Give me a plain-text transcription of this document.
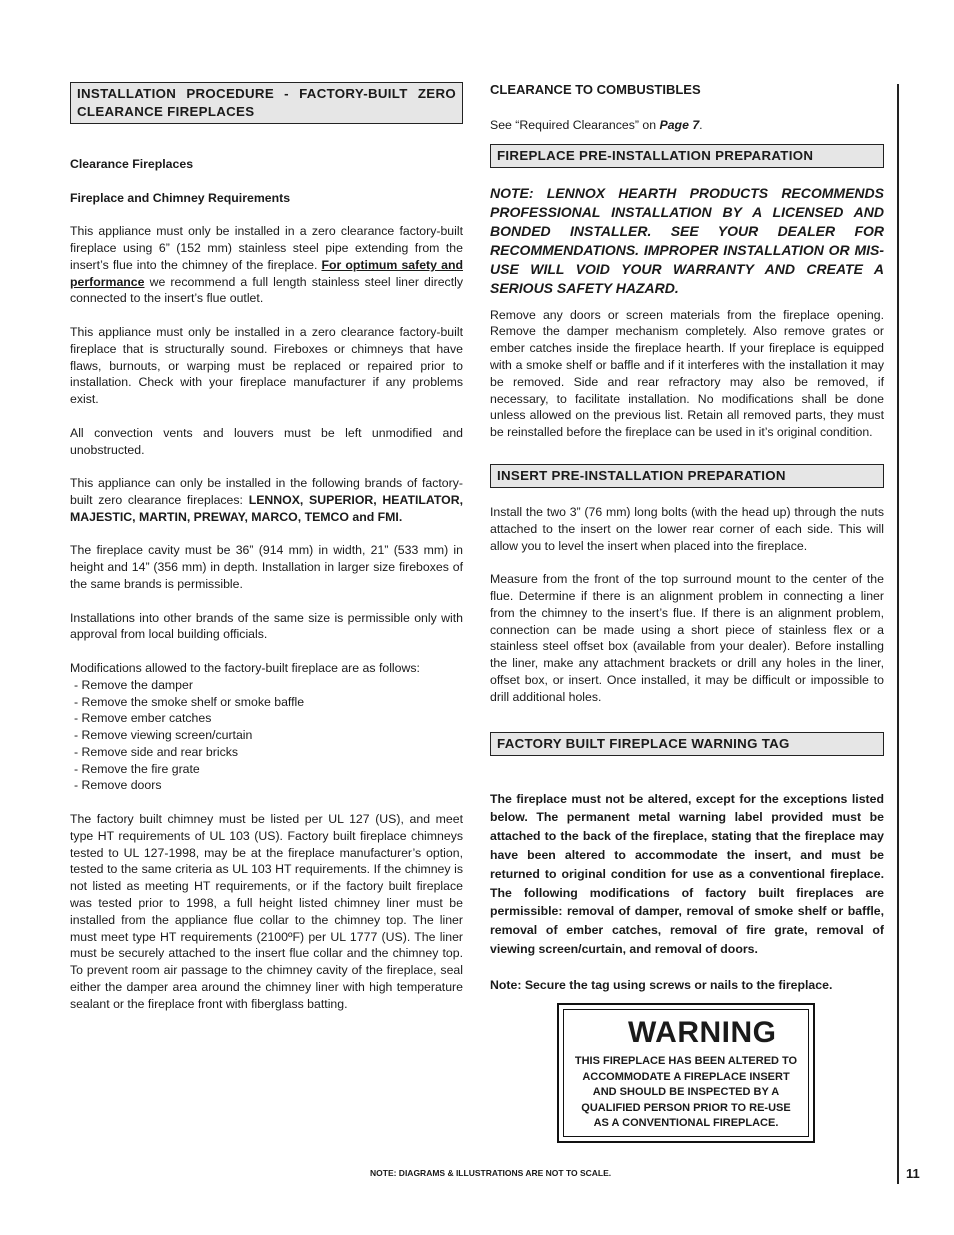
INSTALLATION PROCEDURE - FACTORY-BUILT ZERO CLEARANCE FIREPLACES
Clearance Fireplaces
Fireplace and Chimney Requirements

This appliance must only be installed in a zero clearance factory-built fireplace using 6” (152 mm) stainless steel pipe extending from the insert’s flue into the chimney of the fireplace. For optimum safety and performance we recommend a full length stainless steel liner directly connected to the insert’s flue outlet.

This appliance must only be installed in a zero clearance factory-built fireplace that is structurally sound. Fireboxes or chimneys that have flaws, burnouts, or warping must be replaced or repaired prior to installation. Check with your fireplace manufacturer if any problems exist.

All convection vents and louvers must be left unmodified and unobstructed.

This appliance can only be installed in the following brands of factory-built zero clearance fireplaces: LENNOX, SUPERIOR, HEATILATOR, MAJESTIC, MARTIN, PREWAY, MARCO, TEMCO and FMI.

The fireplace cavity must be 36” (914 mm) in width, 21” (533 mm) in height and 14” (356 mm) in depth. Installation in larger size fireboxes of the same brands is permissible.

Installations into other brands of the same size is permissible only with approval from local building officials.

Modifications allowed to the factory-built fireplace are as follows:

- Remove the damper
- Remove the smoke shelf or smoke baffle
- Remove ember catches
- Remove viewing screen/curtain
- Remove side and rear bricks
- Remove the fire grate
- Remove doors

The factory built chimney must be listed per UL 127 (US), and meet type HT requirements of UL 103 (US). Factory built fireplace chimneys tested to UL 127-1998, may be at the fireplace manufacturer’s option, tested to the same criteria as UL 103 HT requirements. If the chimney is not listed as meeting HT requirements, or if the factory built fireplace was tested prior to 1998, a full height listed chimney liner must be installed from the appliance flue collar to the chimney top. The liner must meet type HT requirements (2100ºF) per UL 1777 (US). The liner must be securely attached to the insert flue collar and the chimney top. To prevent room air passage to the chimney cavity of the fireplace, seal either the damper area around the chimney liner with high temperature sealant or the fireplace front with fiberglass batting.

CLEARANCE TO COMBUSTIBLES

See “Required Clearances” on Page 7.

FIREPLACE PRE-INSTALLATION PREPARATION

NOTE: LENNOX HEARTH PRODUCTS RECOMMENDS PROFESSIONAL INSTALLATION BY A LICENSED AND BONDED INSTALLER. SEE YOUR DEALER FOR RECOMMENDATIONS. IMPROPER INSTALLATION OR MIS-USE WILL VOID YOUR WARRANTY AND CREATE A SERIOUS SAFETY HAZARD.

Remove any doors or screen materials from the fireplace opening. Remove the damper mechanism completely. Also remove grates or ember catches inside the fireplace hearth. If your fireplace is equipped with a smoke shelf or baffle and if it interferes with the installation it may be removed. Side and rear refractory may also be removed, if necessary, to facilitate installation. No modifications shall be done unless allowed on the previous list. Retain all removed parts, they must be reinstalled before the fireplace can be used in it’s original condition.

INSERT PRE-INSTALLATION PREPARATION

Install the two 3” (76 mm) long bolts (with the head up) through the nuts attached to the insert on the lower rear corner of each side. This will allow you to level the insert when placed into the fireplace.

Measure from the front of the top surround mount to the center of the flue. Determine if there is an alignment problem in connecting a liner from the chimney to the insert’s flue. If there is an alignment problem, connection can be made using a short piece of stainless flex or a stainless steel offset box (available from your dealer). Before installing the liner, make any attachment brackets or drill any holes in the liner, offset box, or insert. Once installed, it may be difficult or impossible to drill additional holes.

FACTORY BUILT FIREPLACE WARNING TAG

The fireplace must not be altered, except for the exceptions listed below. The permanent metal warning label provided must be attached to the back of the fireplace, stating that the fireplace may have been altered to accommodate the insert, and must be returned to original condition for use as a conventional fireplace. The following modifications of factory built fireplaces are permissible: removal of damper, removal of smoke shelf or baffle, removal of ember catches, removal of fire grate, removal of viewing screen/curtain, and removal of doors.

Note: Secure the tag using screws or nails to the fireplace.

WARNING
THIS FIREPLACE HAS BEEN ALTERED TO ACCOMMODATE A FIREPLACE INSERT AND SHOULD BE INSPECTED BY A QUALIFIED PERSON PRIOR TO RE-USE AS A CONVENTIONAL FIREPLACE.
NOTE: DIAGRAMS & ILLUSTRATIONS ARE NOT TO SCALE.	11
